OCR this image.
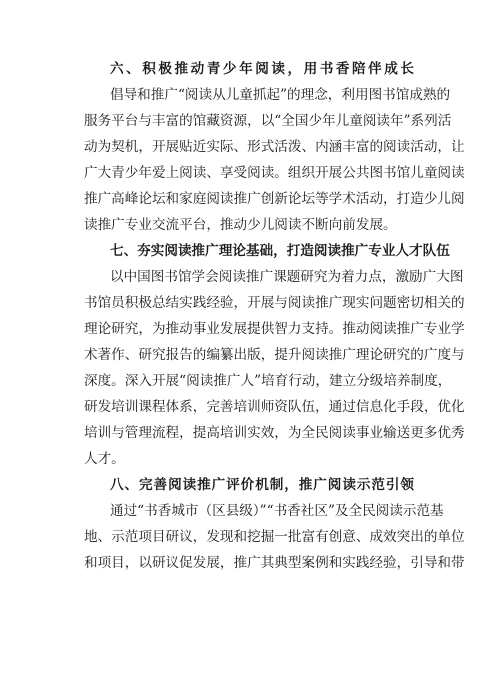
六、积极推动青少年阅读，用书香陪伴成长
倡导和推广“阅读从儿童抓起”的理念，利用图书馆成熟的
服务平台与丰富的馆藏资源，以“全国少年儿童阅读年”系列活
动为契机，开展贴近实际、形式活泼、内涵丰富的阅读活动，让
广大青少年爱上阅读、享受阅读。组织开展公共图书馆儿童阅读
推广高峰论坛和家庭阅读推广创新论坛等学术活动，打造少儿阅
读推广专业交流平台，推动少儿阅读不断向前发展。
七、夯实阅读推广理论基础，打造阅读推广专业人才队伍
以中国图书馆学会阅读推广课题研究为着力点，激励广大图
书馆员积极总结实践经验，开展与阅读推广现实问题密切相关的
理论研究，为推动事业发展提供智力支持。推动阅读推广专业学
术著作、研究报告的编纂出版，提升阅读推广理论研究的广度与
深度。深入开展“阅读推广人”培育行动，建立分级培养制度，
研发培训课程体系，完善培训师资队伍，通过信息化手段，优化
培训与管理流程，提高培训实效，为全民阅读事业输送更多优秀
人才。
八、完善阅读推广评价机制，推广阅读示范引领
通过“书香城市（区县级）”“书香社区”及全民阅读示范基
地、示范项目研议，发现和挖掘一批富有创意、成效突出的单位
和项目，以研议促发展，推广其典型案例和实践经验，引导和带
